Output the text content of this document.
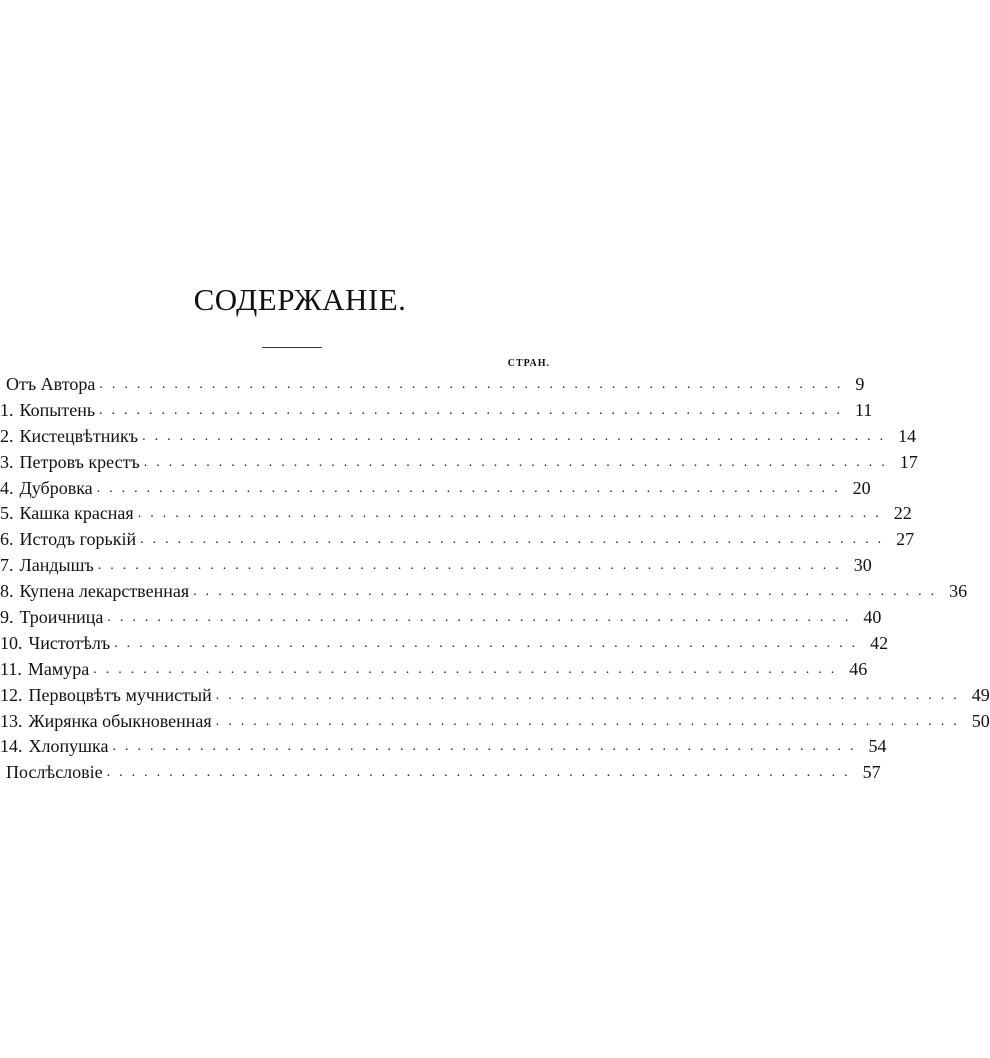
СОДЕРЖАНIЕ.
СТРАН.
Отъ Автора ............................................................ 9
1. Копытень ............................................................ 11
2. Кистецвѣтникъ ............................................................ 14
3. Петровъ крестъ ............................................................ 17
4. Дубровка ............................................................ 20
5. Кашка красная ............................................................ 22
6. Истодъ горькiй ............................................................ 27
7. Ландышъ ............................................................ 30
8. Купена лекарственная ............................................................ 36
9. Троичница ............................................................ 40
10. Чистотѣлъ ............................................................ 42
11. Мамура ............................................................ 46
12. Первоцвѣтъ мучнистый ............................................................ 49
13. Жирянка обыкновенная ............................................................ 50
14. Хлопушка ............................................................ 54
Послѣсловiе ............................................................ 57
